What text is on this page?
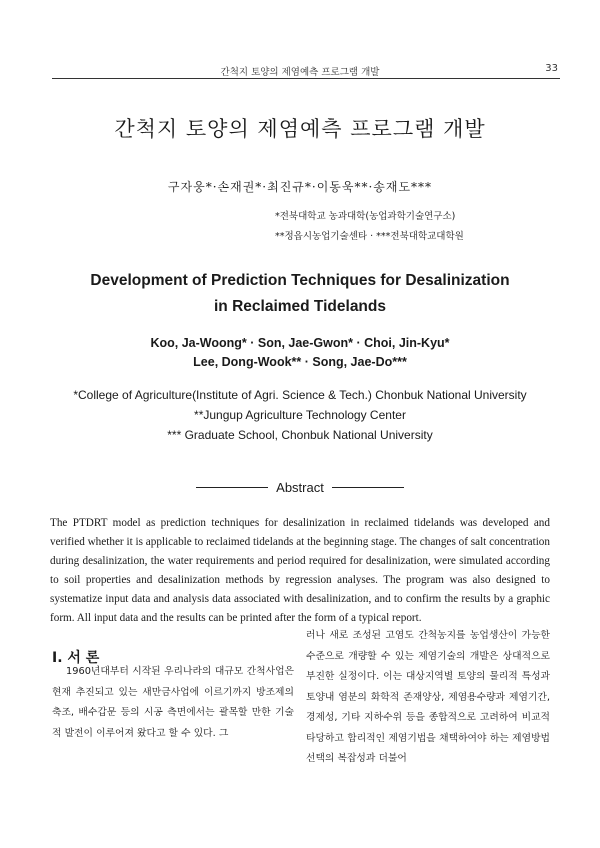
간척지 토양의 제염예측 프로그램 개발	33
간척지 토양의 제염예측 프로그램 개발
구자웅*·손재권*·최진규*·이동욱**·송재도***
*전북대학교 농과대학(농업과학기술연구소)
**정읍시농업기술센타 · ***전북대학교대학원
Development of Prediction Techniques for Desalinization
in Reclaimed Tidelands
Koo, Ja-Woong* · Son, Jae-Gwon* · Choi, Jin-Kyu*
Lee, Dong-Wook** · Song, Jae-Do***
*College of Agriculture(Institute of Agri. Science & Tech.) Chonbuk National University
**Jungup Agriculture Technology Center
*** Graduate School, Chonbuk National University
Abstract
The PTDRT model as prediction techniques for desalinization in reclaimed tidelands was developed and verified whether it is applicable to reclaimed tidelands at the beginning stage. The changes of salt concentration during desalinization, the water requirements and period required for desalinization, were simulated according to soil properties and desalinization methods by regression analyses. The program was also designed to systematize input data and analysis data associated with desalinization, and to confirm the results by a graphic form. All input data and the results can be printed after the form of a typical report.
I. 서 론

1960년대부터 시작된 우리나라의 대규모 간척사업은 현재 추진되고 있는 새만금사업에 이르기까지 방조제의 축조, 배수갑문 등의 시공 측면에서는 괄목할 만한 기술적 발전이 이루어져 왔다고 할 수 있다. 그

러나 새로 조성된 고염도 간척농지를 농업생산이 가능한 수준으로 개량할 수 있는 제염기술의 개발은 상대적으로 부진한 실정이다. 이는 대상지역별 토양의 물리적 특성과 토양내 염분의 화학적 존재양상, 제염용수량과 제염기간, 경제성, 기타 지하수위 등을 종합적으로 고려하여 비교적 타당하고 합리적인 제염기법을 채택하여야 하는 제염방법선택의 복잡성과 더불어
